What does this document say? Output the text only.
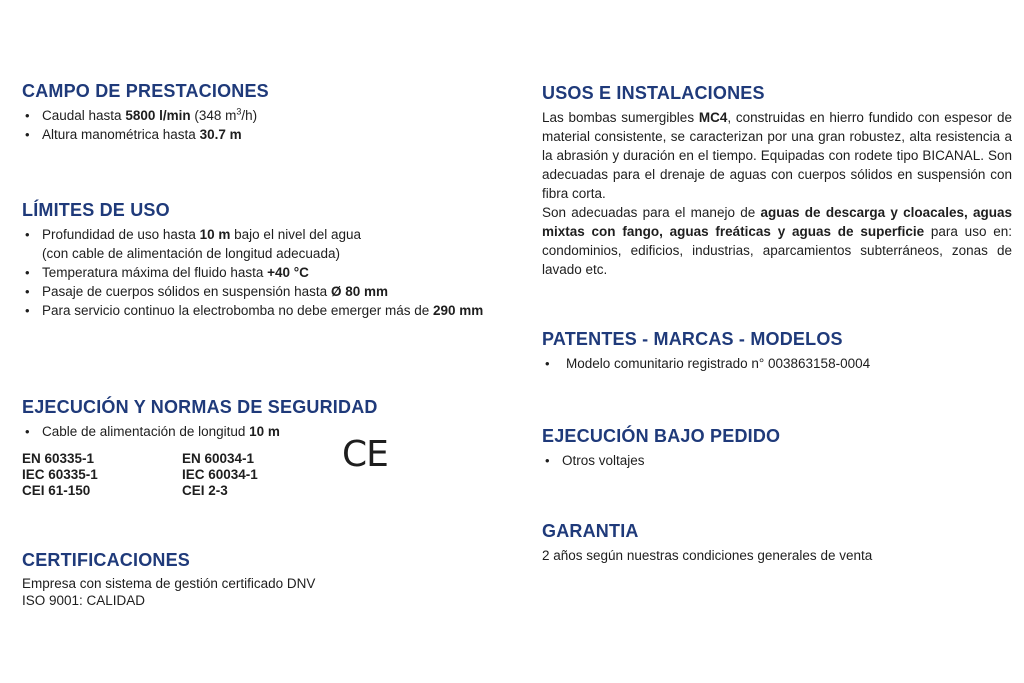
CAMPO DE PRESTACIONES
• Caudal hasta 5800 l/min (348 $m^3/h$)
• Altura manométrica hasta 30.7 m
LÍMITES DE USO
• Profundidad de uso hasta 10 m bajo el nivel del agua
(con cable de alimentación de longitud adecuada)
• Temperatura máxima del fluido hasta +40 °C
• Pasaje de cuerpos sólidos en suspensión hasta Ø 80 mm
• Para servicio continuo la electrobomba no debe emerger más de 290 mm
EJECUCIÓN Y NORMAS DE SEGURIDAD
• Cable de alimentación de longitud 10 m
EN 60335-1
IEC 60335-1
CEI 61-150
EN 60034-1
IEC 60034-1
CEI 2-3
CE
CERTIFICACIONES

Empresa con sistema de gestión certificado DNV

ISO 9001: CALIDAD

USOS E INSTALACIONES

Las bombas sumergibles MC4, construidas en hierro fundido con espesor de material consistente, se caracterizan por una gran robustez, alta resistencia a la abrasión y duración en el tiempo. Equipadas con rodete tipo BICANAL. Son adecuadas para el drenaje de aguas con cuerpos sólidos en suspensión con fibra corta.

Son adecuadas para el manejo de aguas de descarga y cloacales, aguas mixtas con fango, aguas freáticas y aguas de superficie para uso en: condominios, edificios, industrias, aparcamientos subterráneos, zonas de lavado etc.

PATENTES - MARCAS - MODELOS
• Modelo comunitario registrado n° 003863158-0004
EJECUCIÓN BAJO PEDIDO
• Otros voltajes
GARANTIA

2 años según nuestras condiciones generales de venta
